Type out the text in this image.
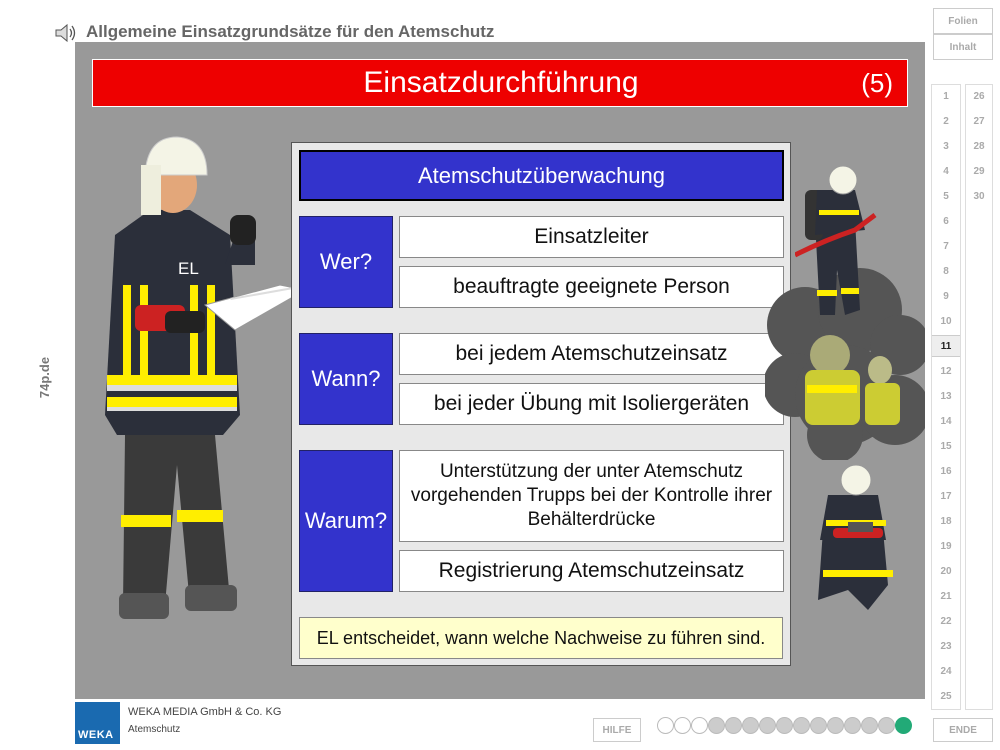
Allgemeine Einsatzgrundsätze für den Atemschutz
74p.de
Einsatzdurchführung	(5)
EL
Atemschutzüberwachung
Wer?
Einsatzleiter
beauftragte geeignete Person
Wann?
bei jedem Atemschutzeinsatz
bei jeder Übung mit Isoliergeräten
Warum?
Unterstützung der unter Atemschutz vorgehenden Trupps bei der Kontrolle ihrer Behälterdrücke
Registrierung Atemschutzeinsatz
EL entscheidet, wann welche Nachweise zu führen sind.
Folien
Inhalt
1
2
3
4
5
6
7
8
9
10
11
12
13
14
15
16
17
18
19
20
21
22
23
24
25
26
27
28
29
30
WEKA
WEKA MEDIA GmbH & Co. KG
Atemschutz	HILFE	ENDE
